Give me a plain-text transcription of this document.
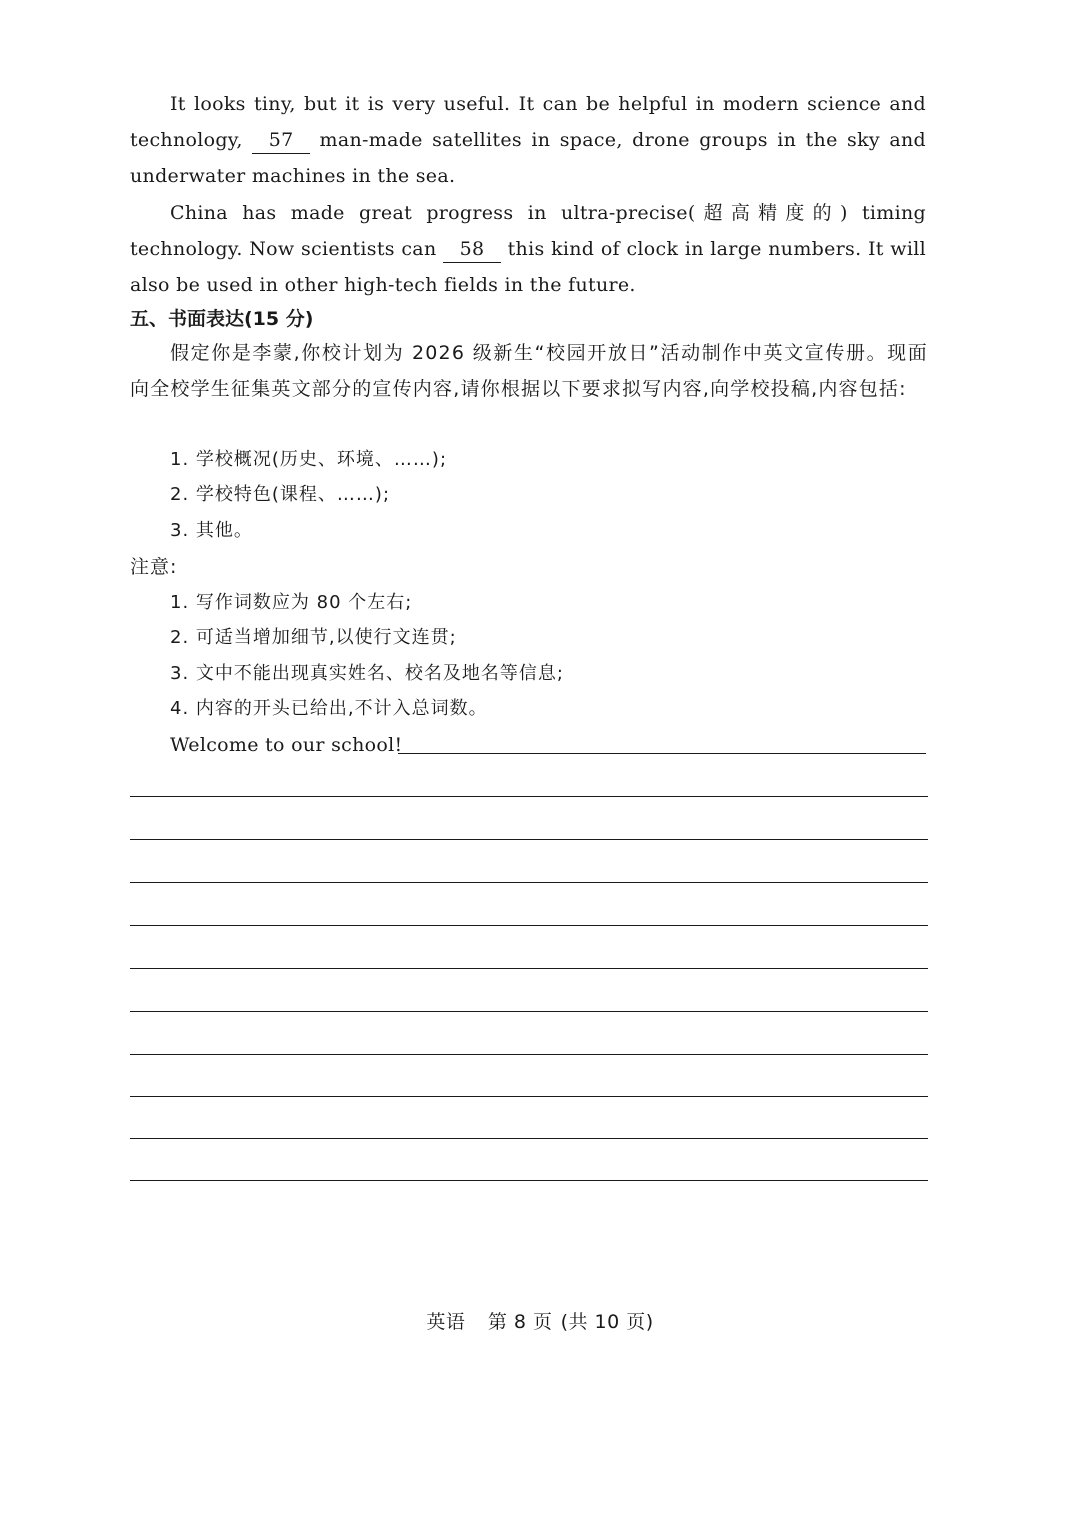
It looks tiny, but it is very useful. It can be helpful in modern science and technology, 57 man-made satellites in space, drone groups in the sky and underwater machines in the sea.
China has made great progress in ultra-precise(超高精度的) timing technology. Now scientists can 58 this kind of clock in large numbers. It will also be used in other high-tech fields in the future.
五、书面表达(15 分)
假定你是李蒙,你校计划为 2026 级新生“校园开放日”活动制作中英文宣传册。现面向全校学生征集英文部分的宣传内容,请你根据以下要求拟写内容,向学校投稿,内容包括:
1. 学校概况(历史、环境、……);
2. 学校特色(课程、……);
3. 其他。
注意:
1. 写作词数应为 80 个左右;
2. 可适当增加细节,以使行文连贯;
3. 文中不能出现真实姓名、校名及地名等信息;
4. 内容的开头已给出,不计入总词数。
Welcome to our school!
英语 第 8 页 (共 10 页)
